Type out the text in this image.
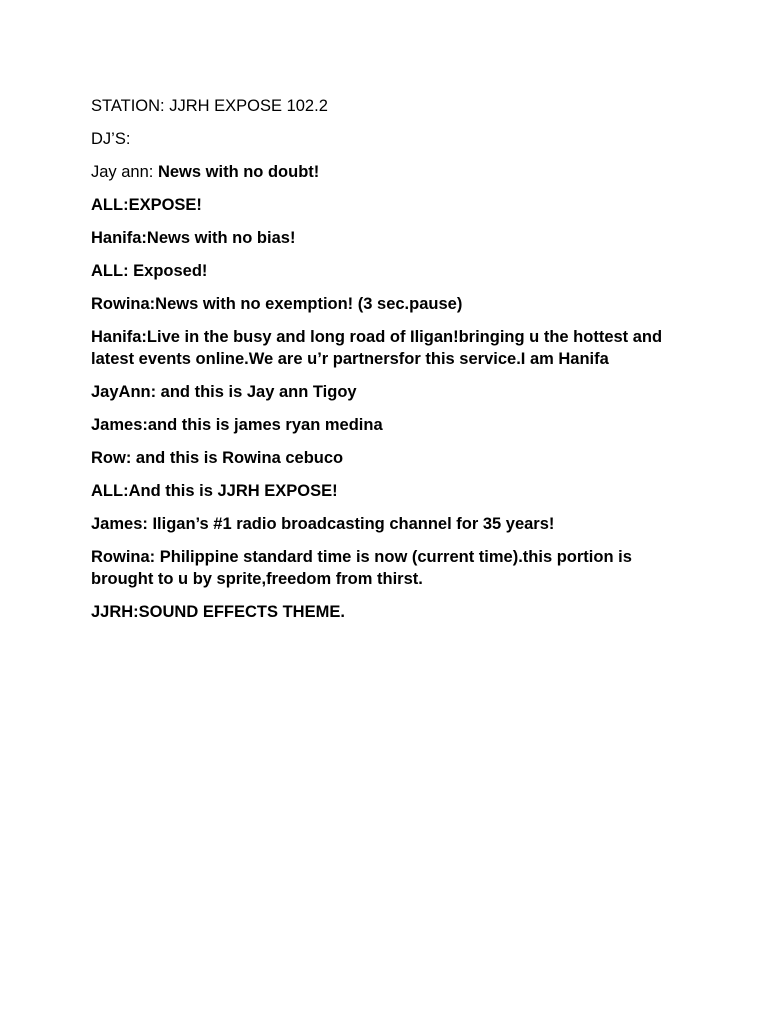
STATION: JJRH EXPOSE 102.2

DJ’S:

Jay ann: News with no doubt!

ALL:EXPOSE!

Hanifa:News with no bias!

ALL: Exposed!

Rowina:News with no exemption! (3 sec.pause)

Hanifa:Live in the busy and long road of Iligan!bringing u the hottest and latest events online.We are u’r partnersfor this service.I am Hanifa

JayAnn: and this is Jay ann Tigoy

James:and this is james ryan medina

Row: and this is Rowina cebuco

ALL:And this is JJRH EXPOSE!

James: Iligan’s #1 radio broadcasting channel for 35 years!

Rowina: Philippine standard time is now (current time).this portion is brought to u by sprite,freedom from thirst.

JJRH:SOUND EFFECTS THEME.
